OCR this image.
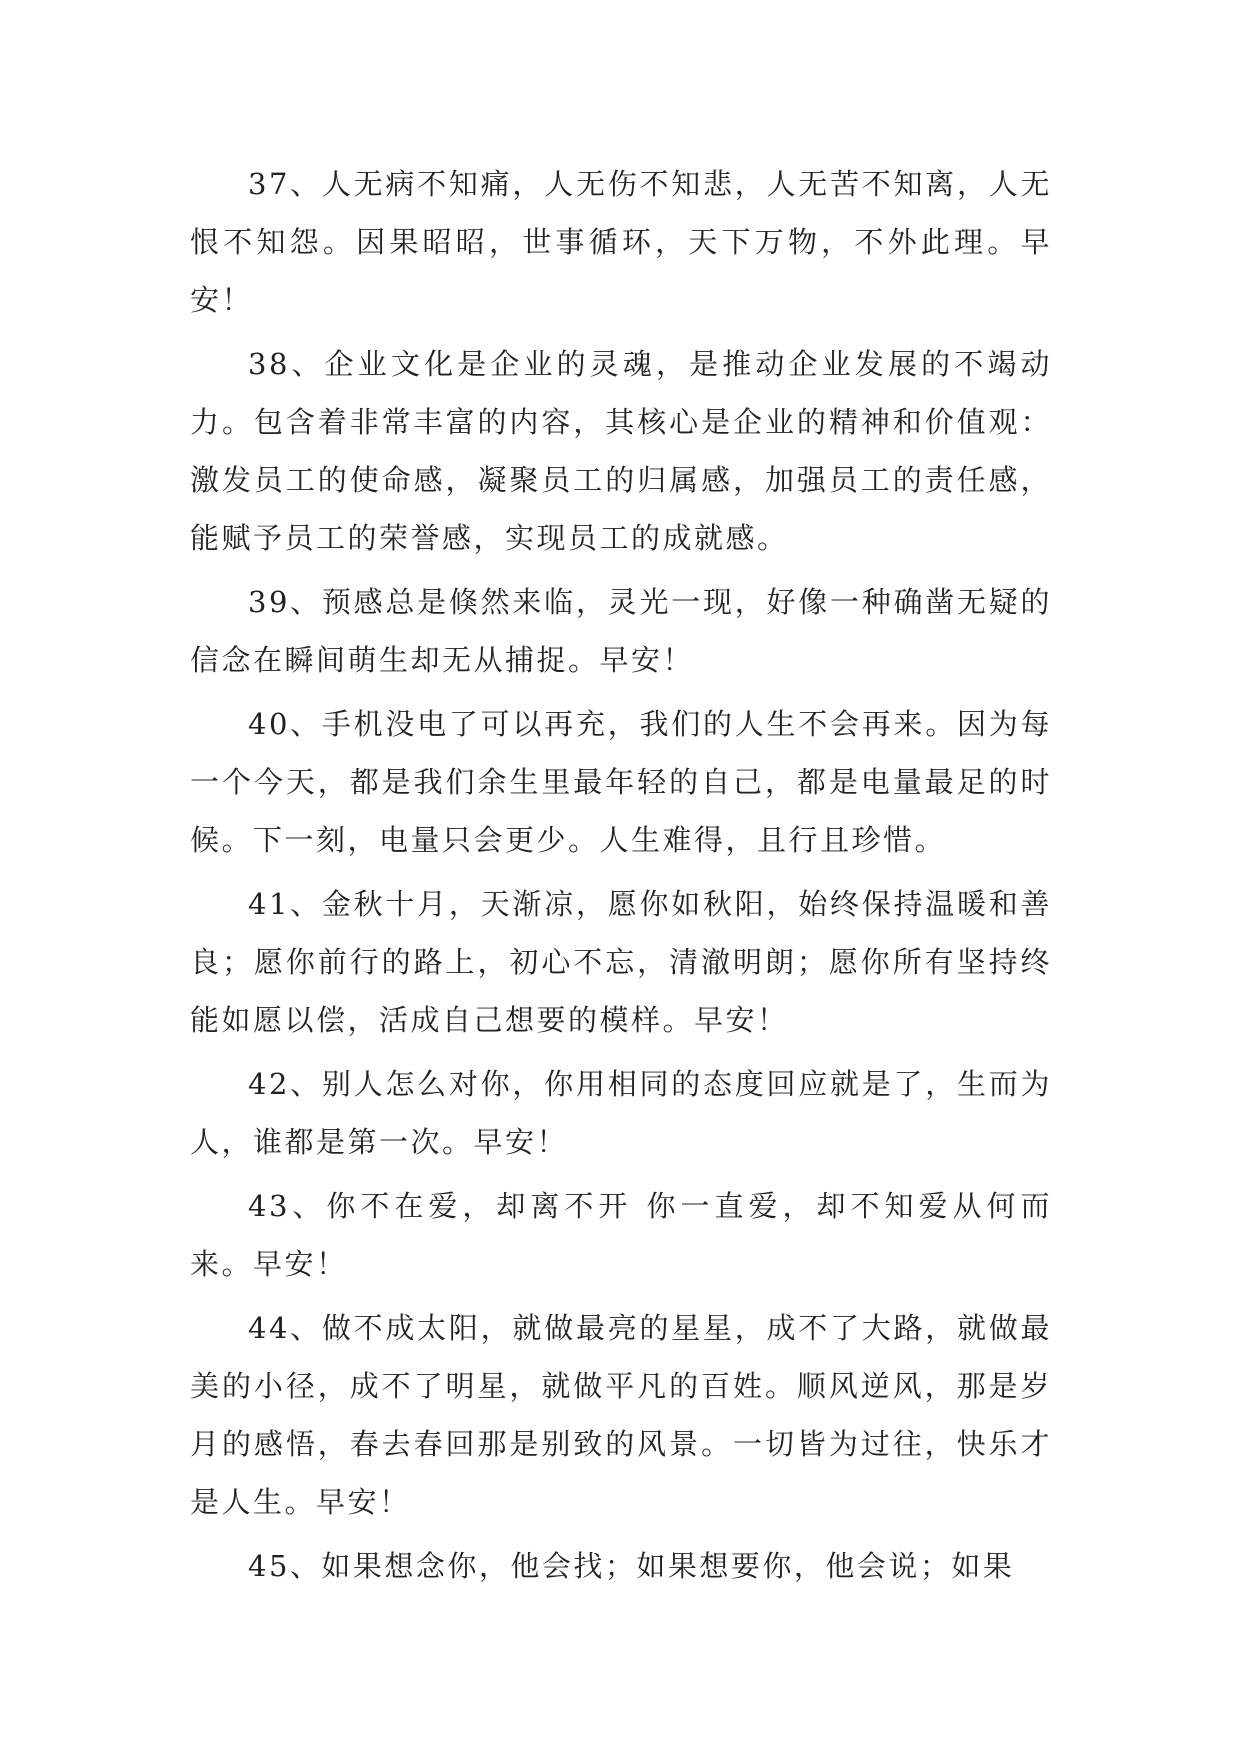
37、人无病不知痛，人无伤不知悲，人无苦不知离，人无恨不知怨。因果昭昭，世事循环，天下万物，不外此理。早安！

38、企业文化是企业的灵魂，是推动企业发展的不竭动力。包含着非常丰富的内容，其核心是企业的精神和价值观：激发员工的使命感，凝聚员工的归属感，加强员工的责任感，能赋予员工的荣誉感，实现员工的成就感。

39、预感总是倏然来临，灵光一现，好像一种确凿无疑的信念在瞬间萌生却无从捕捉。早安！

40、手机没电了可以再充，我们的人生不会再来。因为每一个今天，都是我们余生里最年轻的自己，都是电量最足的时候。下一刻，电量只会更少。人生难得，且行且珍惜。

41、金秋十月，天渐凉，愿你如秋阳，始终保持温暖和善良；愿你前行的路上，初心不忘，清澈明朗；愿你所有坚持终能如愿以偿，活成自己想要的模样。早安！

42、别人怎么对你，你用相同的态度回应就是了，生而为人，谁都是第一次。早安！

43、你不在爱，却离不开 你一直爱，却不知爱从何而来。早安！

44、做不成太阳，就做最亮的星星，成不了大路，就做最美的小径，成不了明星，就做平凡的百姓。顺风逆风，那是岁月的感悟，春去春回那是别致的风景。一切皆为过往，快乐才是人生。早安！

45、如果想念你，他会找；如果想要你，他会说；如果
